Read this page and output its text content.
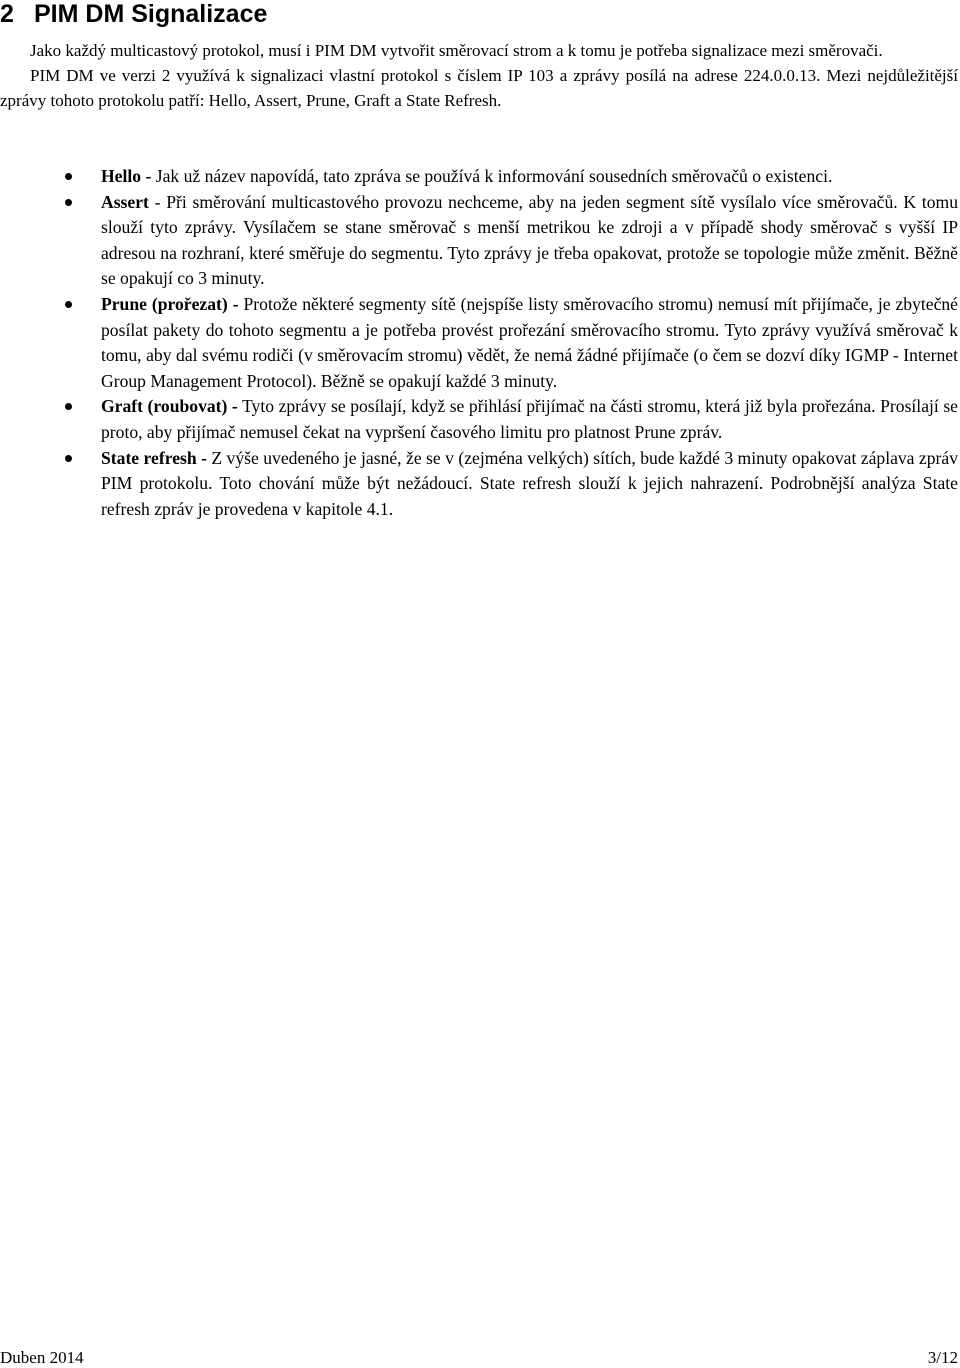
2 PIM DM Signalizace

Jako každý multicastový protokol, musí i PIM DM vytvořit směrovací strom a k tomu je potřeba signalizace mezi směrovači.

PIM DM ve verzi 2 využívá k signalizaci vlastní protokol s číslem IP 103 a zprávy posílá na adrese 224.0.0.13. Mezi nejdůležitější zprávy tohoto protokolu patří: Hello, Assert, Prune, Graft a State Refresh.

Hello - Jak už název napovídá, tato zpráva se používá k informování sousedních směrovačů o existenci.
Assert - Při směrování multicastového provozu nechceme, aby na jeden segment sítě vysílalo více směrovačů. K tomu slouží tyto zprávy. Vysílačem se stane směrovač s menší metrikou ke zdroji a v případě shody směrovač s vyšší IP adresou na rozhraní, které směřuje do segmentu. Tyto zprávy je třeba opakovat, protože se topologie může změnit. Běžně se opakují co 3 minuty.
Prune (prořezat) - Protože některé segmenty sítě (nejspíše listy směrovacího stromu) nemusí mít přijímače, je zbytečné posílat pakety do tohoto segmentu a je potřeba provést prořezání směrovacího stromu. Tyto zprávy využívá směrovač k tomu, aby dal svému rodiči (v směrovacím stromu) vědět, že nemá žádné přijímače (o čem se dozví díky IGMP - Internet Group Management Protocol). Běžně se opakují každé 3 minuty.
Graft (roubovat) - Tyto zprávy se posílají, když se přihlásí přijímač na části stromu, která již byla prořezána. Prosílají se proto, aby přijímač nemusel čekat na vypršení časového limitu pro platnost Prune zpráv.
State refresh - Z výše uvedeného je jasné, že se v (zejména velkých) sítích, bude každé 3 minuty opakovat záplava zpráv PIM protokolu. Toto chování může být nežádoucí. State refresh slouží k jejich nahrazení. Podrobnější analýza State refresh zpráv je provedena v kapitole 4.1.
Duben 2014	3/12
